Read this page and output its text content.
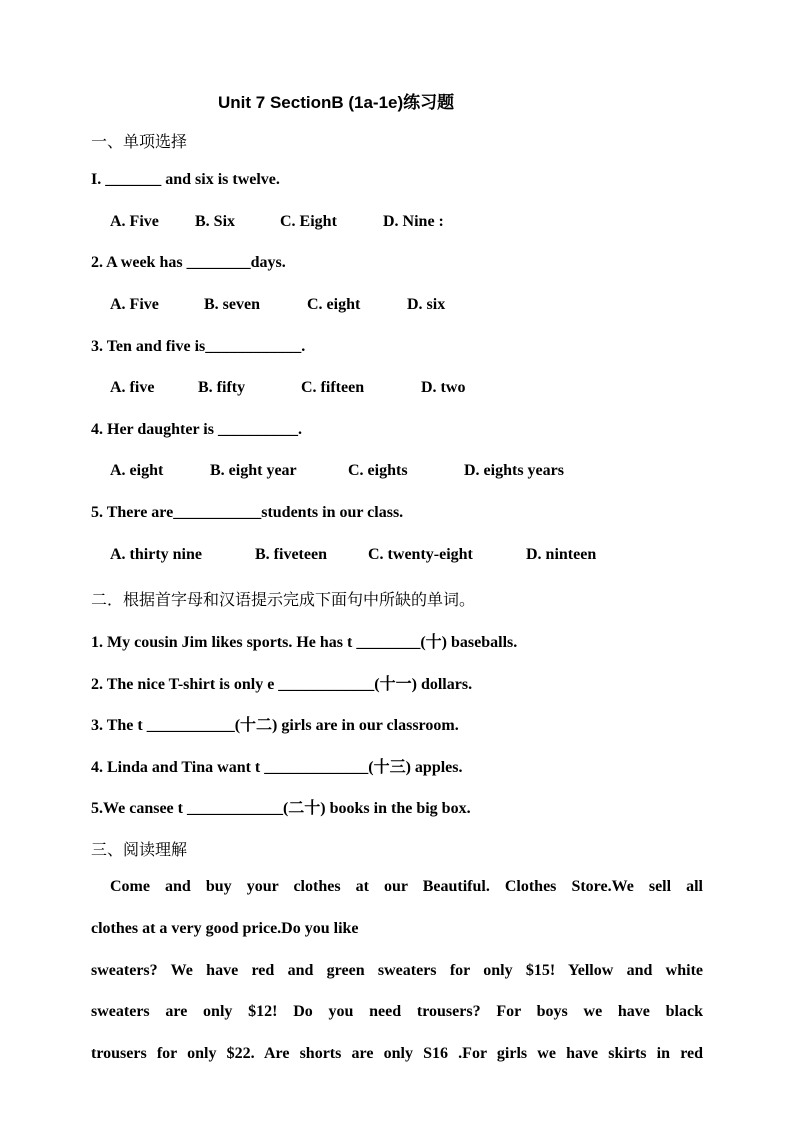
Unit 7 SectionB (1a-1e)练习题
一、单项选择
I. _______ and six is twelve.
A. Five B. Six	C. Eight	D. Nine :
2. A week has ________days.
A. Five	B. seven	C. eight	D. six
3. Ten and five is____________.
A. five	B. fifty	C. fifteen	D. two
4. Her daughter is __________.
A. eight	B. eight year	C. eights	D. eights years
5. There are___________students in our class.
A. thirty nine	B. fiveteen	C. twenty-eight	D. ninteen
二．根据首字母和汉语提示完成下面句中所缺的单词。
1. My cousin Jim likes sports. He has t ________(十) baseballs.
2. The nice T-shirt is only e ____________(十一) dollars.
3. The t ___________(十二) girls are in our classroom.
4. Linda and Tina want t _____________(十三) apples.
5.We cansee t ____________(二十) books in the big box.
三、阅读理解
Come and buy your clothes at our Beautiful. Clothes Store.We sell all
clothes at a very good price.Do you like
sweaters? We have red and green sweaters for only $15! Yellow and white
sweaters are only $12! Do you need trousers? For boys we have black
trousers for only $22. Are shorts are only S16 .For girls we have skirts in red
